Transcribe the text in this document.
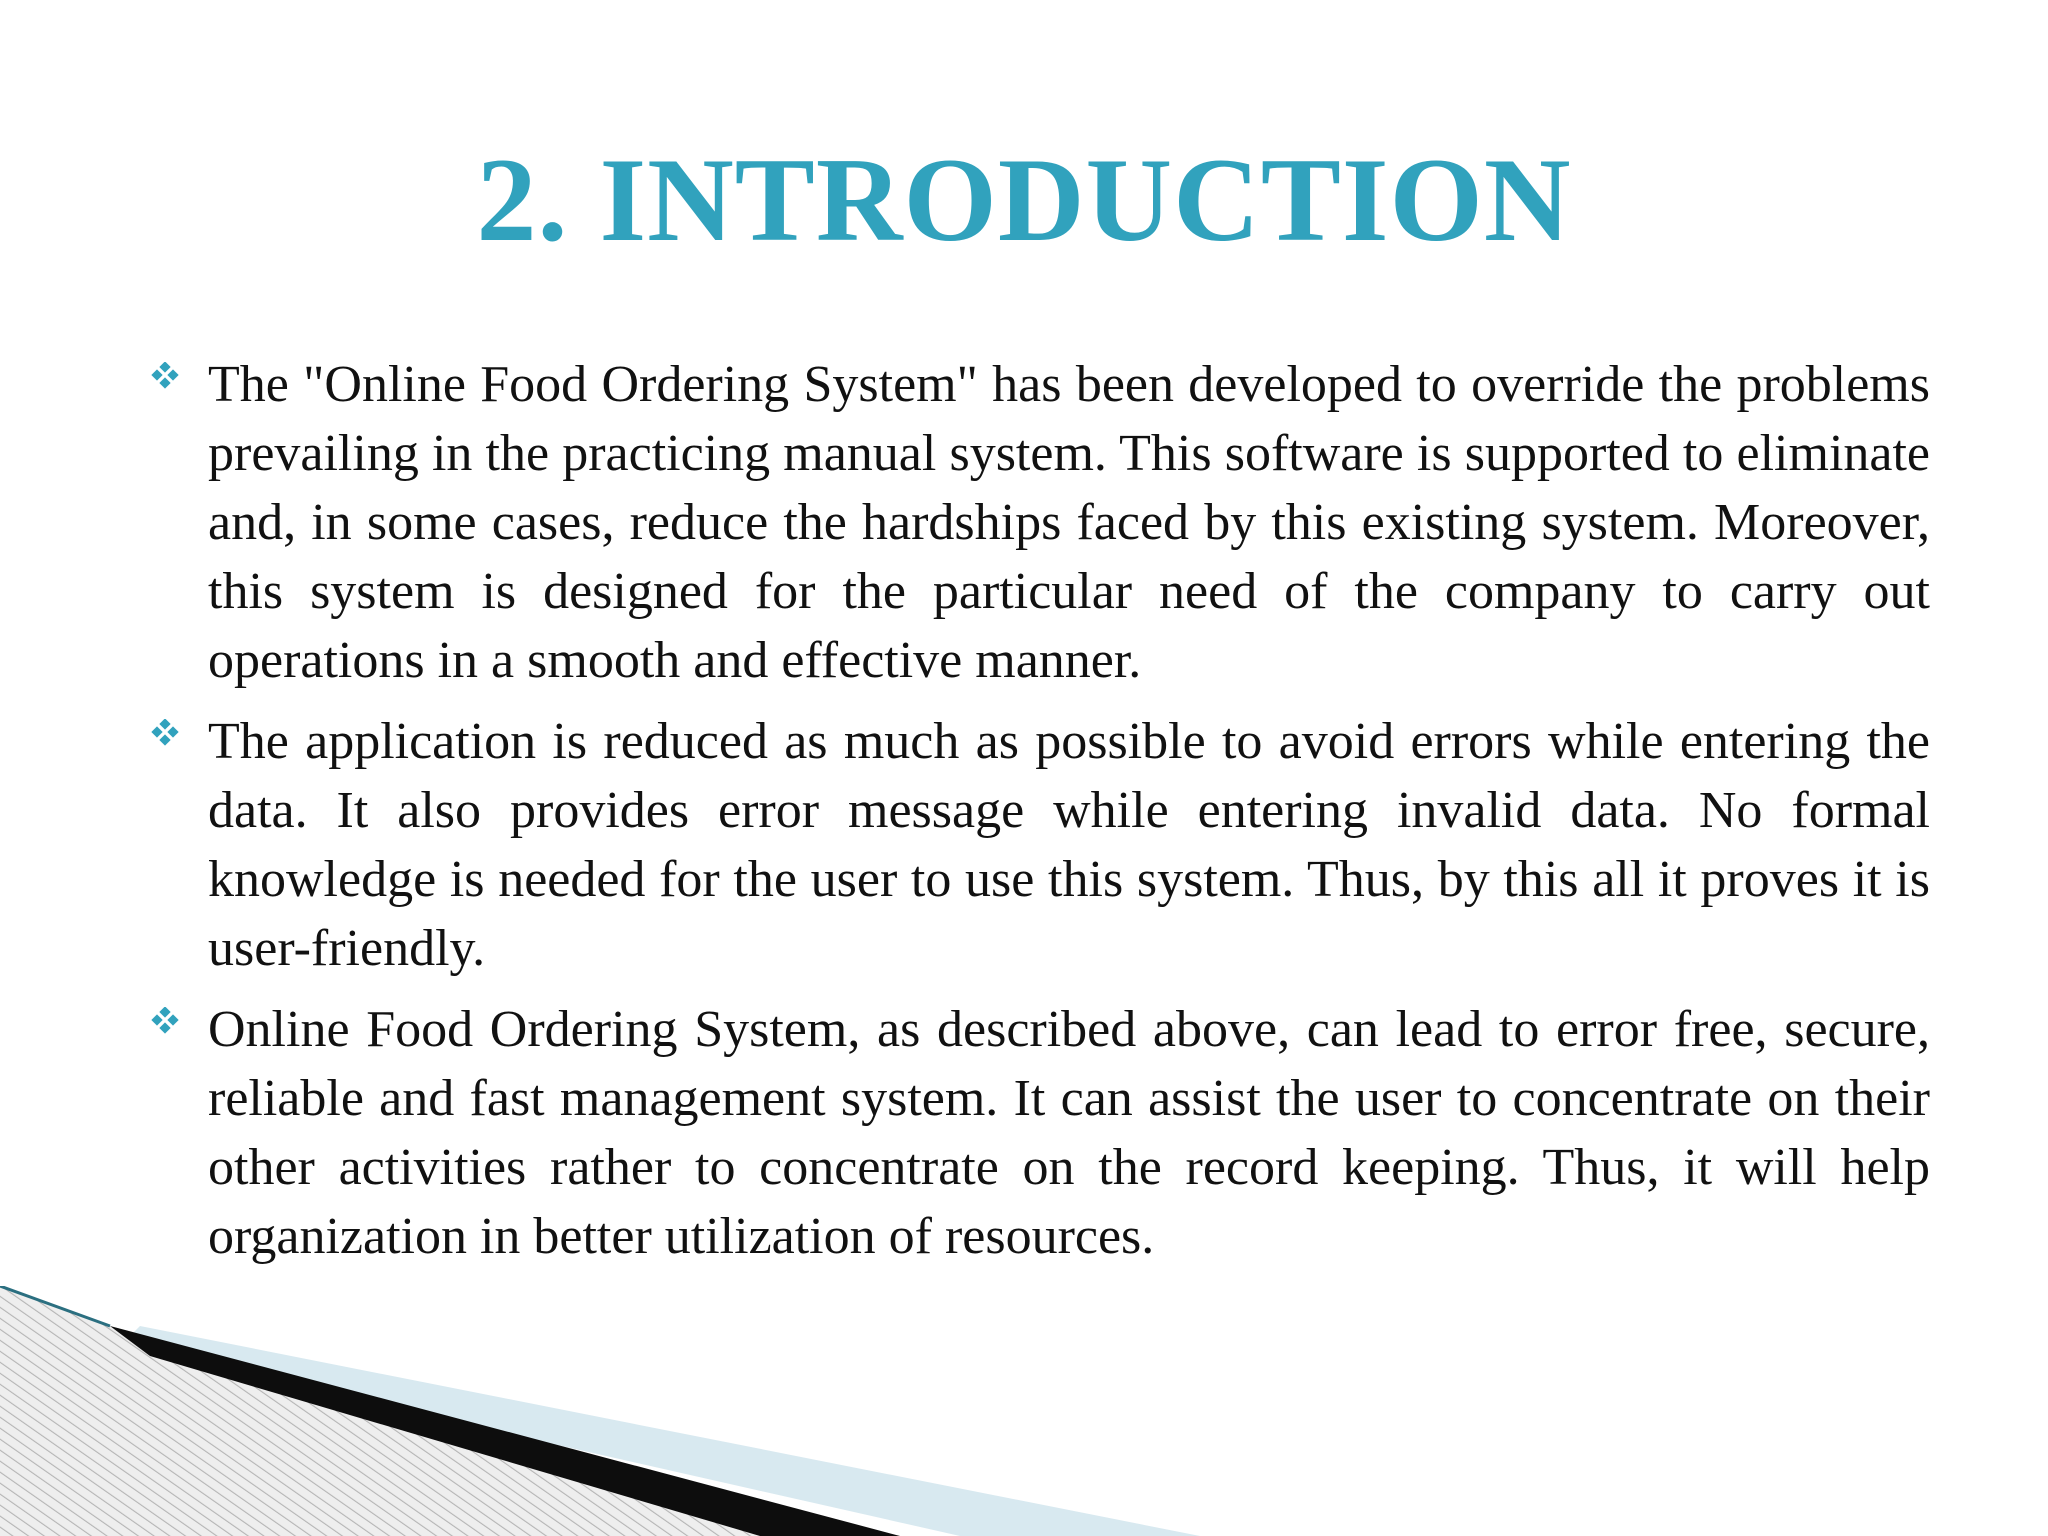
2. INTRODUCTION
The "Online Food Ordering System" has been developed to override the problems prevailing in the practicing manual system. This software is supported to eliminate and, in some cases, reduce the hardships faced by this existing system. Moreover, this system is designed for the particular need of the company to carry out operations in a smooth and effective manner.
The application is reduced as much as possible to avoid errors while entering the data. It also provides error message while entering invalid data. No formal knowledge is needed for the user to use this system. Thus, by this all it proves it is user-friendly.
Online Food Ordering System, as described above, can lead to error free, secure, reliable and fast management system. It can assist the user to concentrate on their other activities rather to concentrate on the record keeping. Thus, it will help organization in better utilization of resources.
